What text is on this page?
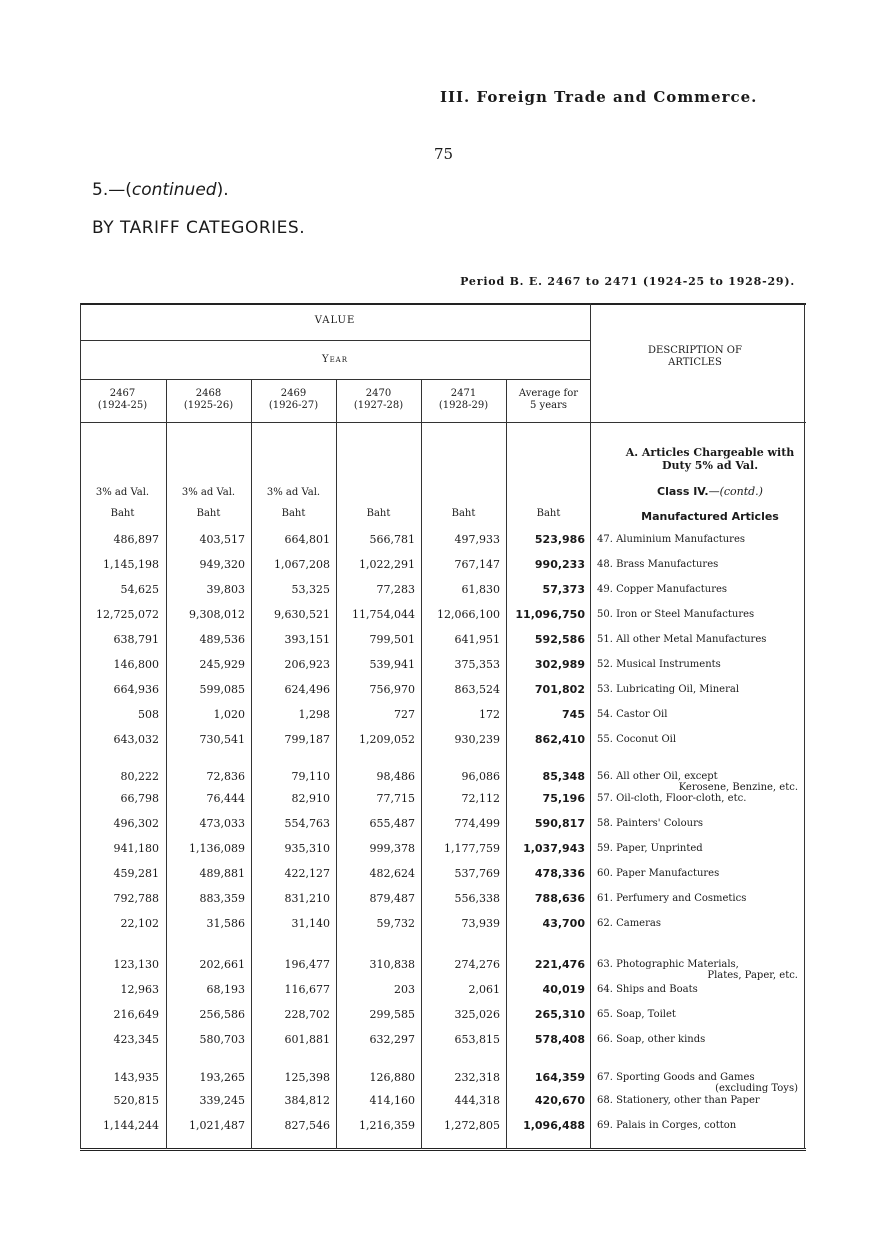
III. Foreign Trade and Commerce.
75
5.—(continued).
BY TARIFF CATEGORIES.
Period B. E. 2467 to 2471 (1924-25 to 1928-29).
VALUE
Year
DESCRIPTION OF ARTICLES
2467
(1924-25)
3% ad Val.
Baht
2468
(1925-26)
3% ad Val.
Baht
2469
(1926-27)
3% ad Val.
Baht
2470
(1927-28)
Baht
2471
(1928-29)
Baht
Average for
5 years
Baht
486,897	403,517	664,801	566,781	497,933	523,986 47. Aluminium Manufactures
1,145,198	949,320	1,067,208	1,022,291	767,147	990,233 48. Brass Manufactures
54,625	39,803	53,325	77,283	61,830	57,373 49. Copper Manufactures
12,725,072	9,308,012	9,630,521	11,754,044	12,066,100	11,096,750 50. Iron or Steel Manufactures
638,791	489,536	393,151	799,501	641,951	592,586 51. All other Metal Manufactures
146,800	245,929	206,923	539,941	375,353	302,989 52. Musical Instruments
664,936	599,085	624,496	756,970	863,524	701,802 53. Lubricating Oil, Mineral
508	1,020	1,298	727	172	745 54. Castor Oil
643,032	730,541	799,187	1,209,052	930,239	862,410 55. Coconut Oil
80,222	72,836	79,110	98,486	96,086	85,348 56. All other Oil, except
Kerosene, Benzine, etc.
66,798	76,444	82,910	77,715	72,112	75,196 57. Oil-cloth, Floor-cloth, etc.
496,302	473,033	554,763	655,487	774,499	590,817 58. Painters' Colours
941,180	1,136,089	935,310	999,378	1,177,759	1,037,943 59. Paper, Unprinted
459,281	489,881	422,127	482,624	537,769	478,336 60. Paper Manufactures
792,788	883,359	831,210	879,487	556,338	788,636 61. Perfumery and Cosmetics
22,102	31,586	31,140	59,732	73,939	43,700 62. Cameras
123,130	202,661	196,477	310,838	274,276	221,476 63. Photographic Materials,
Plates, Paper, etc.
12,963	68,193	116,677	203	2,061	40,019 64. Ships and Boats
216,649	256,586	228,702	299,585	325,026	265,310 65. Soap, Toilet
423,345	580,703	601,881	632,297	653,815	578,408 66. Soap, other kinds
143,935	193,265	125,398	126,880	232,318	164,359 67. Sporting Goods and Games
(excluding Toys)
520,815	339,245	384,812	414,160	444,318	420,670 68. Stationery, other than Paper
1,144,244	1,021,487	827,546	1,216,359	1,272,805	1,096,488 69. Palais in Corges, cotton
A. Articles Chargeable with Duty 5% ad Val.
Class IV.—(contd.)
Manufactured Articles
